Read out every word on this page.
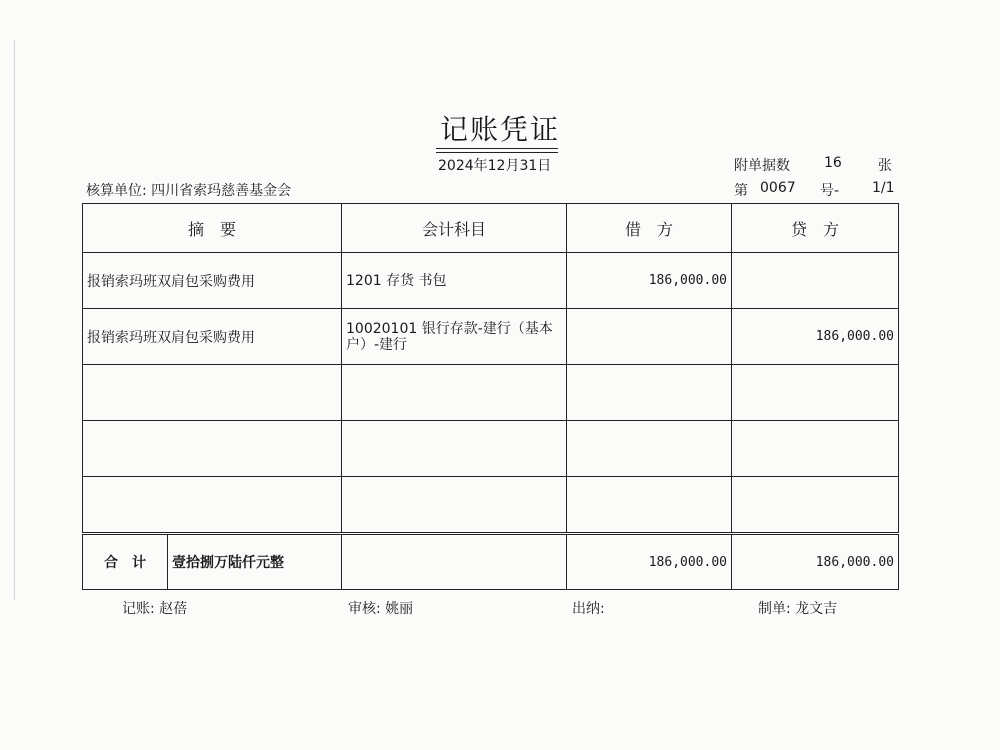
记账凭证
2024年12月31日	附单据数 16	张
核算单位: 四川省索玛慈善基金会	第 0067 号- 1/1
摘　要	会计科目	借　方	贷　方
报销索玛班双肩包采购费用	1201 存货 书包	186,000.00	
报销索玛班双肩包采购费用	10020101 银行存款-建行（基本户）-建行		186,000.00

合　计 壹拾捌万陆仟元整		186,000.00	186,000.00
记账: 赵蓓	审核: 姚丽	出纳:	制单: 龙文吉
